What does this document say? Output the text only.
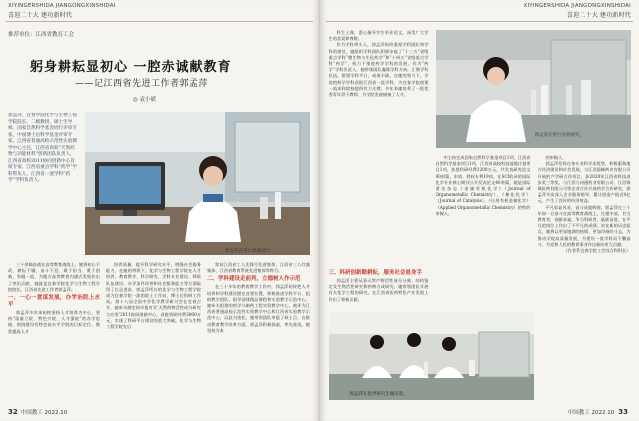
XIYINGERSHIDA JIANGONGXINSHIDAI
喜迎二十大 建功新时代
推荐单位：江西省教育工会
躬身耕耘显初心 一腔赤诚献教育
——记江西省先进工作者郭孟萍
◎ 袁小斌
郭孟萍，宜春学院化学与生物工程学院院长，二级教授，硕士生导师。国家自然科学基金同行评审专家，中国博士后科学基金评审专家，江西省普通高校示范性实验教学中心主任，江西省高校“天然药物与功能材料”创新团队负责人，江西省高校2011协同创新中心首席专家，江西省重点学科“药学”学科带头人，江西省一流学科“药学”学科负责人。
郭孟萍在进行课题设计。

三十余载奋战在高等教育战线上，她将初心不改、耕耘不辍，奋斗不息、敢于担当、勇于创新，争做一流，为地方高等教育内涵式发展作出了突出贡献，她就是宜春学院化学与生物工程学院院长、江西省先进工作者郭孟萍。

一、一心一意谋发展，办学治院上水平

郭孟萍多年来始终坚持人才培养为中心，坚持“质量立院、特色兴院、人才强院”的办学思路，围绕建设有特色高水平学院的目标定位，聚焦提高人才

培养质量，提升科学研究水平，增强社会服务能力，在她的带领下，化学与生物工程学院在人才培养、教育教学、科学研究、学科专业建设、师资队伍建设、办学条件改善和社会服务能力等方面取得了长足进步，郭孟萍所在的化学与生物工程学院成为宜春学院一流的院士工作站、博士后科研工作站。第十八届全国中学化学教学研讨会在宜春召开，她牵头制定的申报有关‘天然药物活性成分研究与应用’2011协同创新中心，获批资助经费3000万元，实现了科研平台建设的重大突破。化学与生物工程学院先后

荣获江西省工人先锋号先进集体、江西省三八红旗集体、江西省教育系统先进集体等称号。

二、学科建设走前列，立德树人作示范

在三十多年的教育教学工作中，郭孟萍始终把人才培养和学科建设摆在首要位置，积极推进学科平台、组织教学团队、倡导创建精品课程和实验教学示范中心。她牵头组建的药学与制药工程实验教学中心，被评为江西省普通高校示范性实验教学中心和江西省实验教学示范中心，以此为依托，她带领团队申报了硕士点。在推动教育教学改革方面，郭孟萍积极探索，率先垂范。她坚持为本

32 中国教工 2022.10
XIYINGERSHIDA JIANGONGXINSHIDAI
喜迎二十大 建功新时代

科生上课，悉心指导学生毕业论文，深受广大学生的喜爱和尊敬。

作为学科带头人，郭孟萍始终重视学科团队和学科的建设，她组织学科团队积极申报了“十三五”省级重点学科“微生物与生化药学”和“十四五”省级重点学科“药学”，致力于推进药学学科的发展。作为“药学”学科负责人，她带领团队凝练学科方向，汇聚学科队伍，搭建学科平台，成果丰硕。在她的努力下，学院的药学学科获批江西省一流学科，为宜春学院创建一流本科院校提供有力支撑。多年来她培养了一批优秀青年骨干教师，为学院发展储备了人才。

郭孟萍在进行实验研究。

中主持完成国家自然科学基金项目1项，江西省自然科学基金项目1项，江西省高校科技落地计划项目1项，获批科研经费2200万元，共发表研究论文90余篇，申请、授权专利19项。在SCI收录的国际化学专业核心期刊公开发表论文40余篇，她是国际著名杂志《金属有机化学》（Journal of Organometallic Chemistry）、《催化化学》（Journal of Catalysis）、《应用有机金属化学》（Applied Organometallic Chemistry）的特约审稿人。

三、科研创新勤耕耘，服务社会显身手

郭孟萍主要从事天然产物活性成分分离、结构鉴定及生物活性研究和药物合成研究，她带领团队开展有关化学工程的研究，在江西省医药特色产业发展上作出了积极贡献。

的审稿人。

郭孟萍发挥自身专业科学术优势，积极服务地方经济建设和社会发展，与江西晨峰药业有限公司开展的产学研合作项目，获2020年江西省科技进步奖三等奖，与江西九州通药业有限公司、江西锦峰医药有限公司等企业合作开展药学合作研究，郭孟萍多次深入企业服务指导，累计创造产值近4亿元，产生了良好的经济效益。

平凡彰显风采，奋斗成就辉煌。郭孟萍在三十年如一日奋斗在高等教育战线上，扎根中部，甘当教育者，创新求索，争当科研者，砥砺奋进，在平凡的岗位上作出了不平凡的成绩。站在新的历史起点，她将以更加饱满的热情、更加昂扬的斗志，为推动学院高质量发展，为建设一流学科而不懈奋斗，为党和人民的教育事业作出新的更大贡献。

（作者系宜春学院工会综合科科长）

郭孟萍在指导研究生做实验。
中国教工 2022.10 33
